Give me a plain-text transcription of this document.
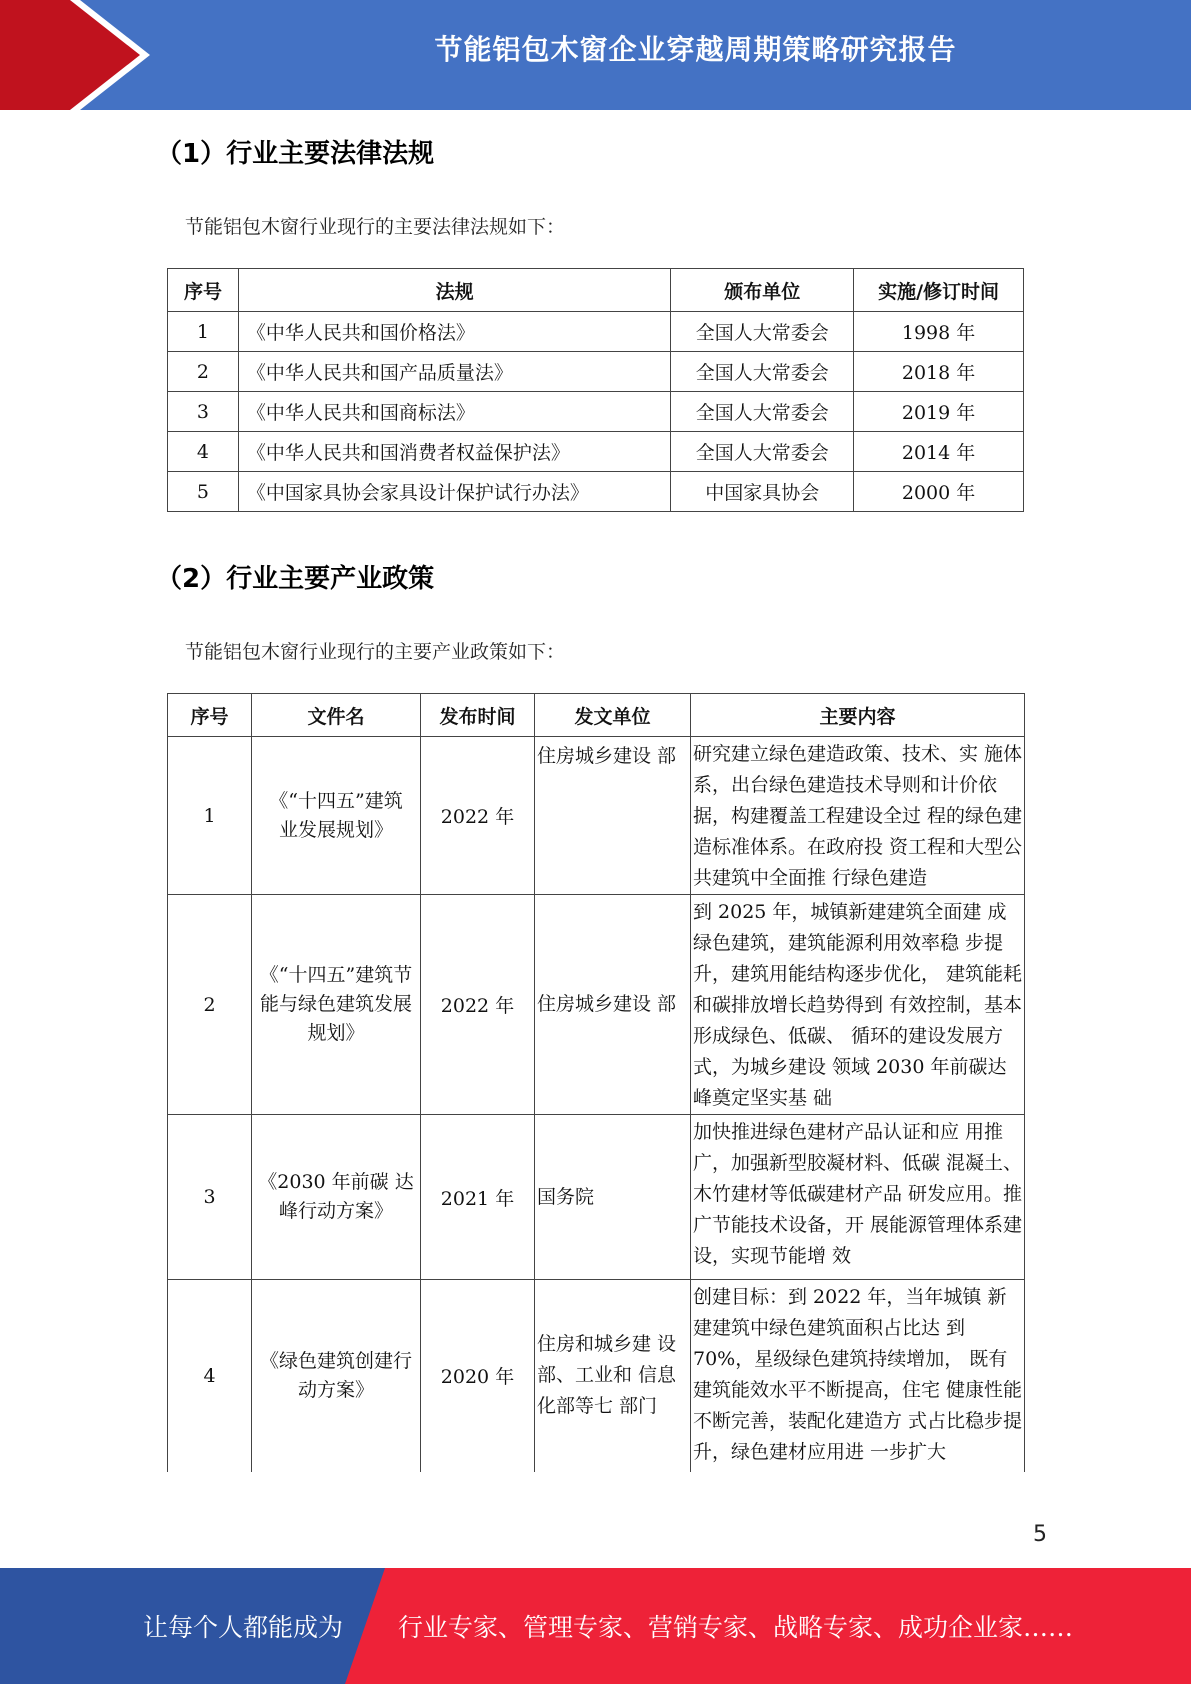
节能铝包木窗企业穿越周期策略研究报告
（1）行业主要法律法规
节能铝包木窗行业现行的主要法律法规如下：
序号	法规	颁布单位	实施/修订时间
1	《中华人民共和国价格法》	全国人大常委会	1998 年
2	《中华人民共和国产品质量法》	全国人大常委会	2018 年
3	《中华人民共和国商标法》	全国人大常委会	2019 年
4	《中华人民共和国消费者权益保护法》	全国人大常委会	2014 年
5	《中国家具协会家具设计保护试行办法》	中国家具协会	2000 年
（2）行业主要产业政策
节能铝包木窗行业现行的主要产业政策如下：
序号	文件名	发布时间	发文单位	主要内容
1	《“十四五”建筑 业发展规划》	2022 年	住房城乡建设 部	研究建立绿色建造政策、技术、实 施体系，出台绿色建造技术导则和计价依据，构建覆盖工程建设全过 程的绿色建造标准体系。在政府投 资工程和大型公共建筑中全面推 行绿色建造
2	《“十四五”建筑节能与绿色建筑发展规划》	2022 年	住房城乡建设 部	到 2025 年，城镇新建建筑全面建 成绿色建筑，建筑能源利用效率稳 步提升，建筑用能结构逐步优化， 建筑能耗和碳排放增长趋势得到 有效控制，基本形成绿色、低碳、 循环的建设发展方式，为城乡建设 领域 2030 年前碳达峰奠定坚实基 础
3	《2030 年前碳 达峰行动方案》	2021 年	国务院	加快推进绿色建材产品认证和应 用推广，加强新型胶凝材料、低碳 混凝土、木竹建材等低碳建材产品 研发应用。推广节能技术设备，开 展能源管理体系建设，实现节能增 效
4	《绿色建筑创建行动方案》	2020 年	住房和城乡建 设部、工业和 信息化部等七 部门	创建目标：到 2022 年，当年城镇 新建建筑中绿色建筑面积占比达 到70%，星级绿色建筑持续增加， 既有建筑能效水平不断提高，住宅 健康性能不断完善，装配化建造方 式占比稳步提升，绿色建材应用进 一步扩大
5
让每个人都能成为 行业专家、管理专家、营销专家、战略专家、成功企业家……
